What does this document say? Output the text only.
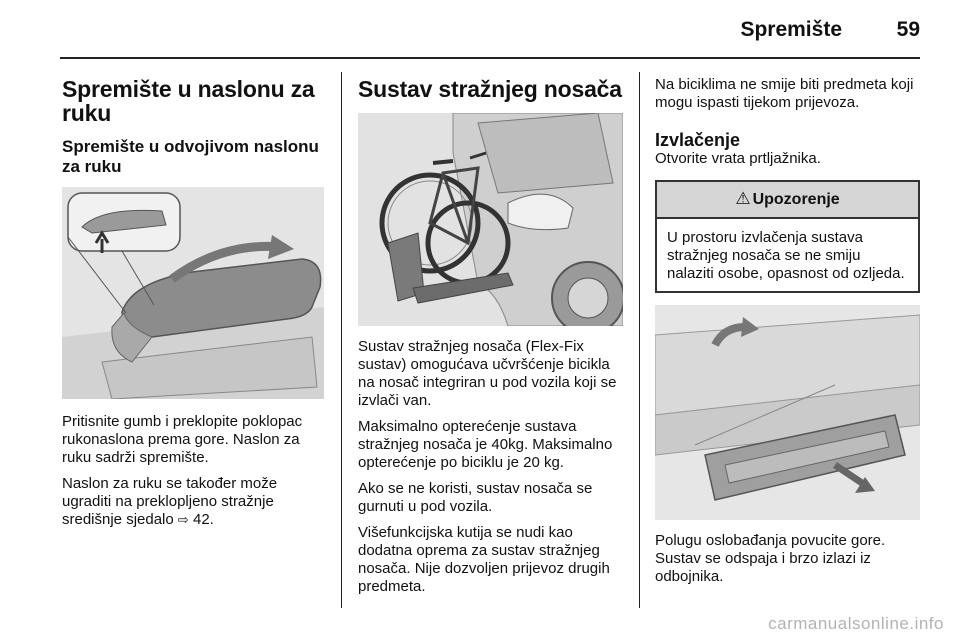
Spremište	59
Spremište u naslonu za ruku
Spremište u odvojivom naslonu za ruku
Pritisnite gumb i preklopite poklopac rukonaslona prema gore. Naslon za ruku sadrži spremište.
Naslon za ruku se također može ugraditi na preklopljeno stražnje središnje sjedalo ⇨ 42.
Sustav stražnjeg nosača
Sustav stražnjeg nosača (Flex-Fix sustav) omogućava učvršćenje bicikla na nosač integriran u pod vozila koji se izvlači van.
Maksimalno opterećenje sustava stražnjeg nosača je 40kg. Maksimalno opterećenje po biciklu je 20 kg.
Ako se ne koristi, sustav nosača se gurnuti u pod vozila.
Višefunkcijska kutija se nudi kao dodatna oprema za sustav stražnjeg nosača. Nije dozvoljen prijevoz drugih predmeta.
Na biciklima ne smije biti predmeta koji mogu ispasti tijekom prijevoza.
Izvlačenje
Otvorite vrata prtljažnika.
⚠ Upozorenje
U prostoru izvlačenja sustava stražnjeg nosača se ne smiju nalaziti osobe, opasnost od ozljeda.
Polugu oslobađanja povucite gore. Sustav se odspaja i brzo izlazi iz odbojnika.
carmanualsonline.info
